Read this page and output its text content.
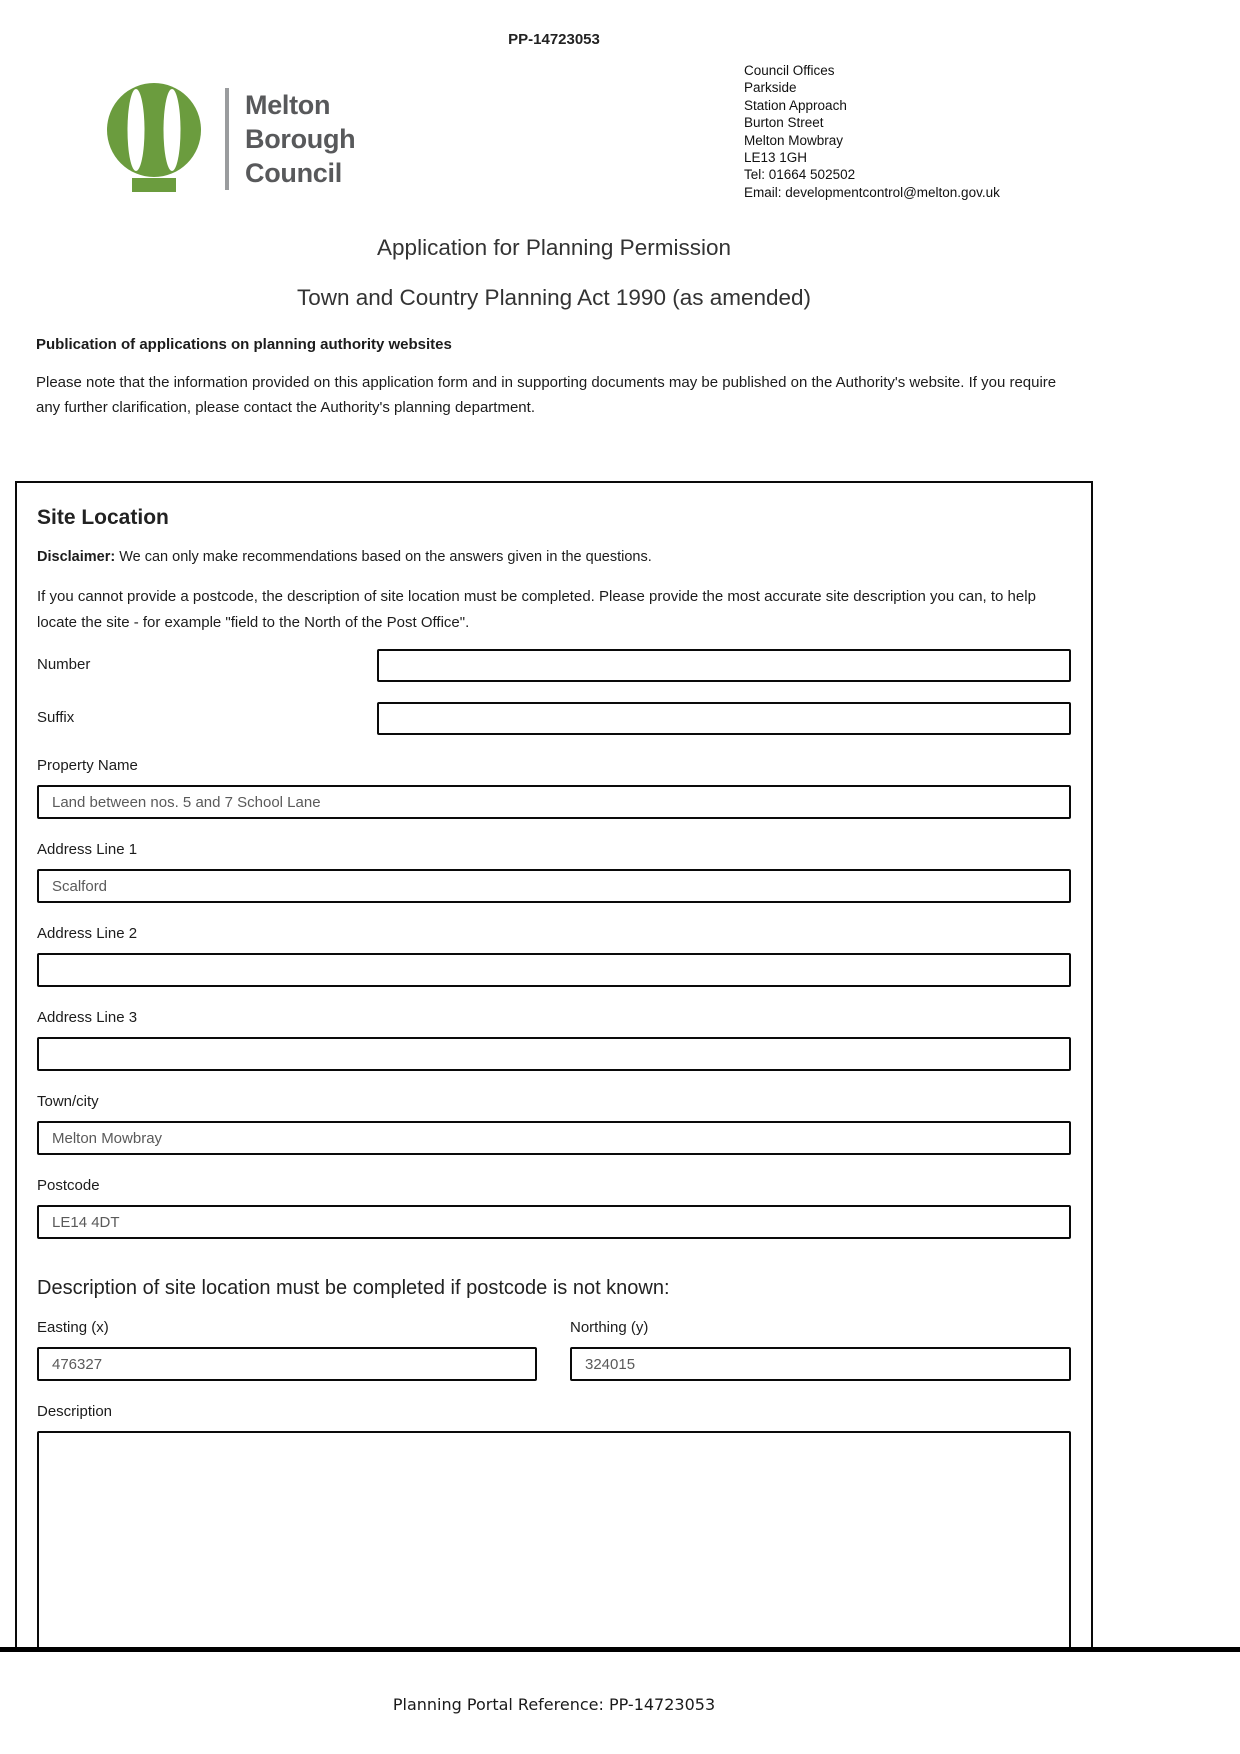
PP-14723053
Melton
Borough
Council
Council Offices
Parkside
Station Approach
Burton Street
Melton Mowbray
LE13 1GH
Tel: 01664 502502
Email: developmentcontrol@melton.gov.uk
Application for Planning Permission
Town and Country Planning Act 1990 (as amended)
Publication of applications on planning authority websites

Please note that the information provided on this application form and in supporting documents may be published on the Authority's website. If you require any further clarification, please contact the Authority's planning department.

Site Location

Disclaimer: We can only make recommendations based on the answers given in the questions.

If you cannot provide a postcode, the description of site location must be completed. Please provide the most accurate site description you can, to help locate the site - for example "field to the North of the Post Office".

Number
Suffix
Property Name
Land between nos. 5 and 7 School Lane
Address Line 1
Scalford
Address Line 2
Address Line 3
Town/city
Melton Mowbray
Postcode
LE14 4DT
Description of site location must be completed if postcode is not known:
Easting (x)
476327	Northing (y)
324015
Description
Planning Portal Reference: PP-14723053
